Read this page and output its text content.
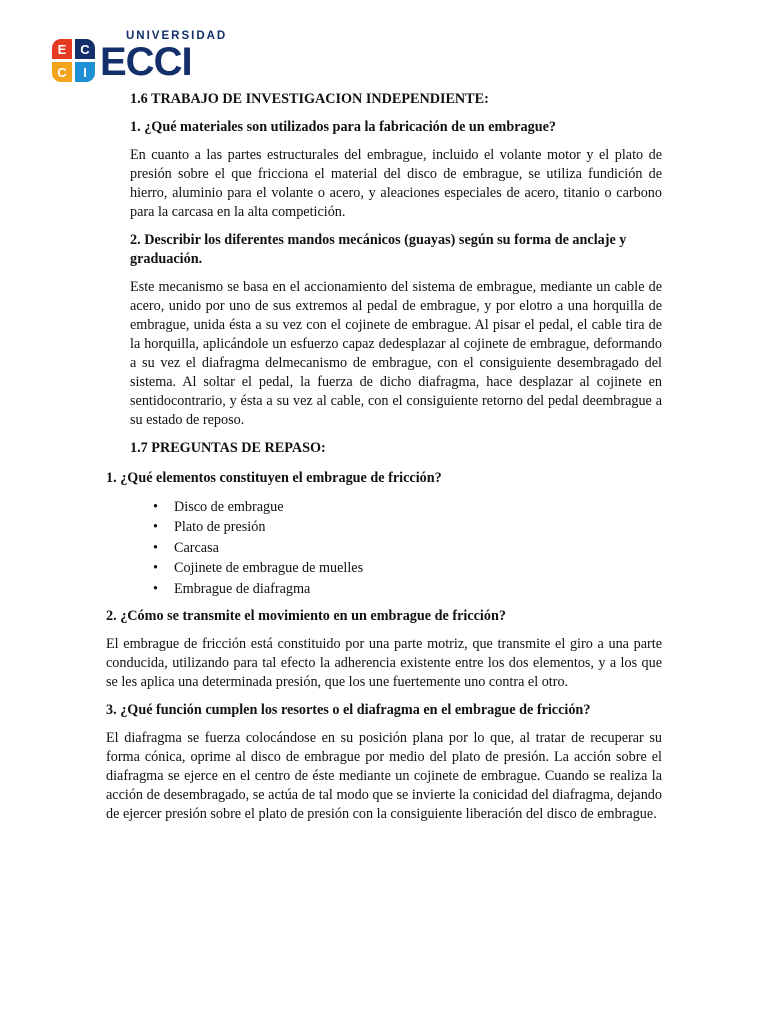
UNIVERSIDAD
E	C
C	I ECCI
1.6 TRABAJO DE INVESTIGACION INDEPENDIENTE:
1. ¿Qué materiales son utilizados para la fabricación de un embrague?

En cuanto a las partes estructurales del embrague, incluido el volante motor y el plato de presión sobre el que fricciona el material del disco de embrague, se utiliza fundición de hierro, aluminio para el volante o acero, y aleaciones especiales de acero, titanio o carbono para la carcasa en la alta competición.

2. Describir los diferentes mandos mecánicos (guayas) según su forma de anclaje y graduación.

Este mecanismo se basa en el accionamiento del sistema de embrague, mediante un cable de acero, unido por uno de sus extremos al pedal de embrague, y por elotro a una horquilla de embrague, unida ésta a su vez con el cojinete de embrague. Al pisar el pedal, el cable tira de la horquilla, aplicándole un esfuerzo capaz dedesplazar al cojinete de embrague, deformando a su vez el diafragma delmecanismo de embrague, con el consiguiente desembragado del sistema. Al soltar el pedal, la fuerza de dicho diafragma, hace desplazar al cojinete en sentidocontrario, y ésta a su vez al cable, con el consiguiente retorno del pedal deembrague a su estado de reposo.

1.7 PREGUNTAS DE REPASO:
1. ¿Qué elementos constituyen el embrague de fricción?
• Disco de embrague
• Plato de presión
• Carcasa
• Cojinete de embrague de muelles
• Embrague de diafragma
2. ¿Cómo se transmite el movimiento en un embrague de fricción?

El embrague de fricción está constituido por una parte motriz, que transmite el giro a una parte conducida, utilizando para tal efecto la adherencia existente entre los dos elementos, y a los que se les aplica una determinada presión, que los une fuertemente uno contra el otro.

3. ¿Qué función cumplen los resortes o el diafragma en el embrague de fricción?

El diafragma se fuerza colocándose en su posición plana por lo que, al tratar de recuperar su forma cónica, oprime al disco de embrague por medio del plato de presión. La acción sobre el diafragma se ejerce en el centro de éste mediante un cojinete de embrague. Cuando se realiza la acción de desembragado, se actúa de tal modo que se invierte la conicidad del diafragma, dejando de ejercer presión sobre el plato de presión con la consiguiente liberación del disco de embrague.
